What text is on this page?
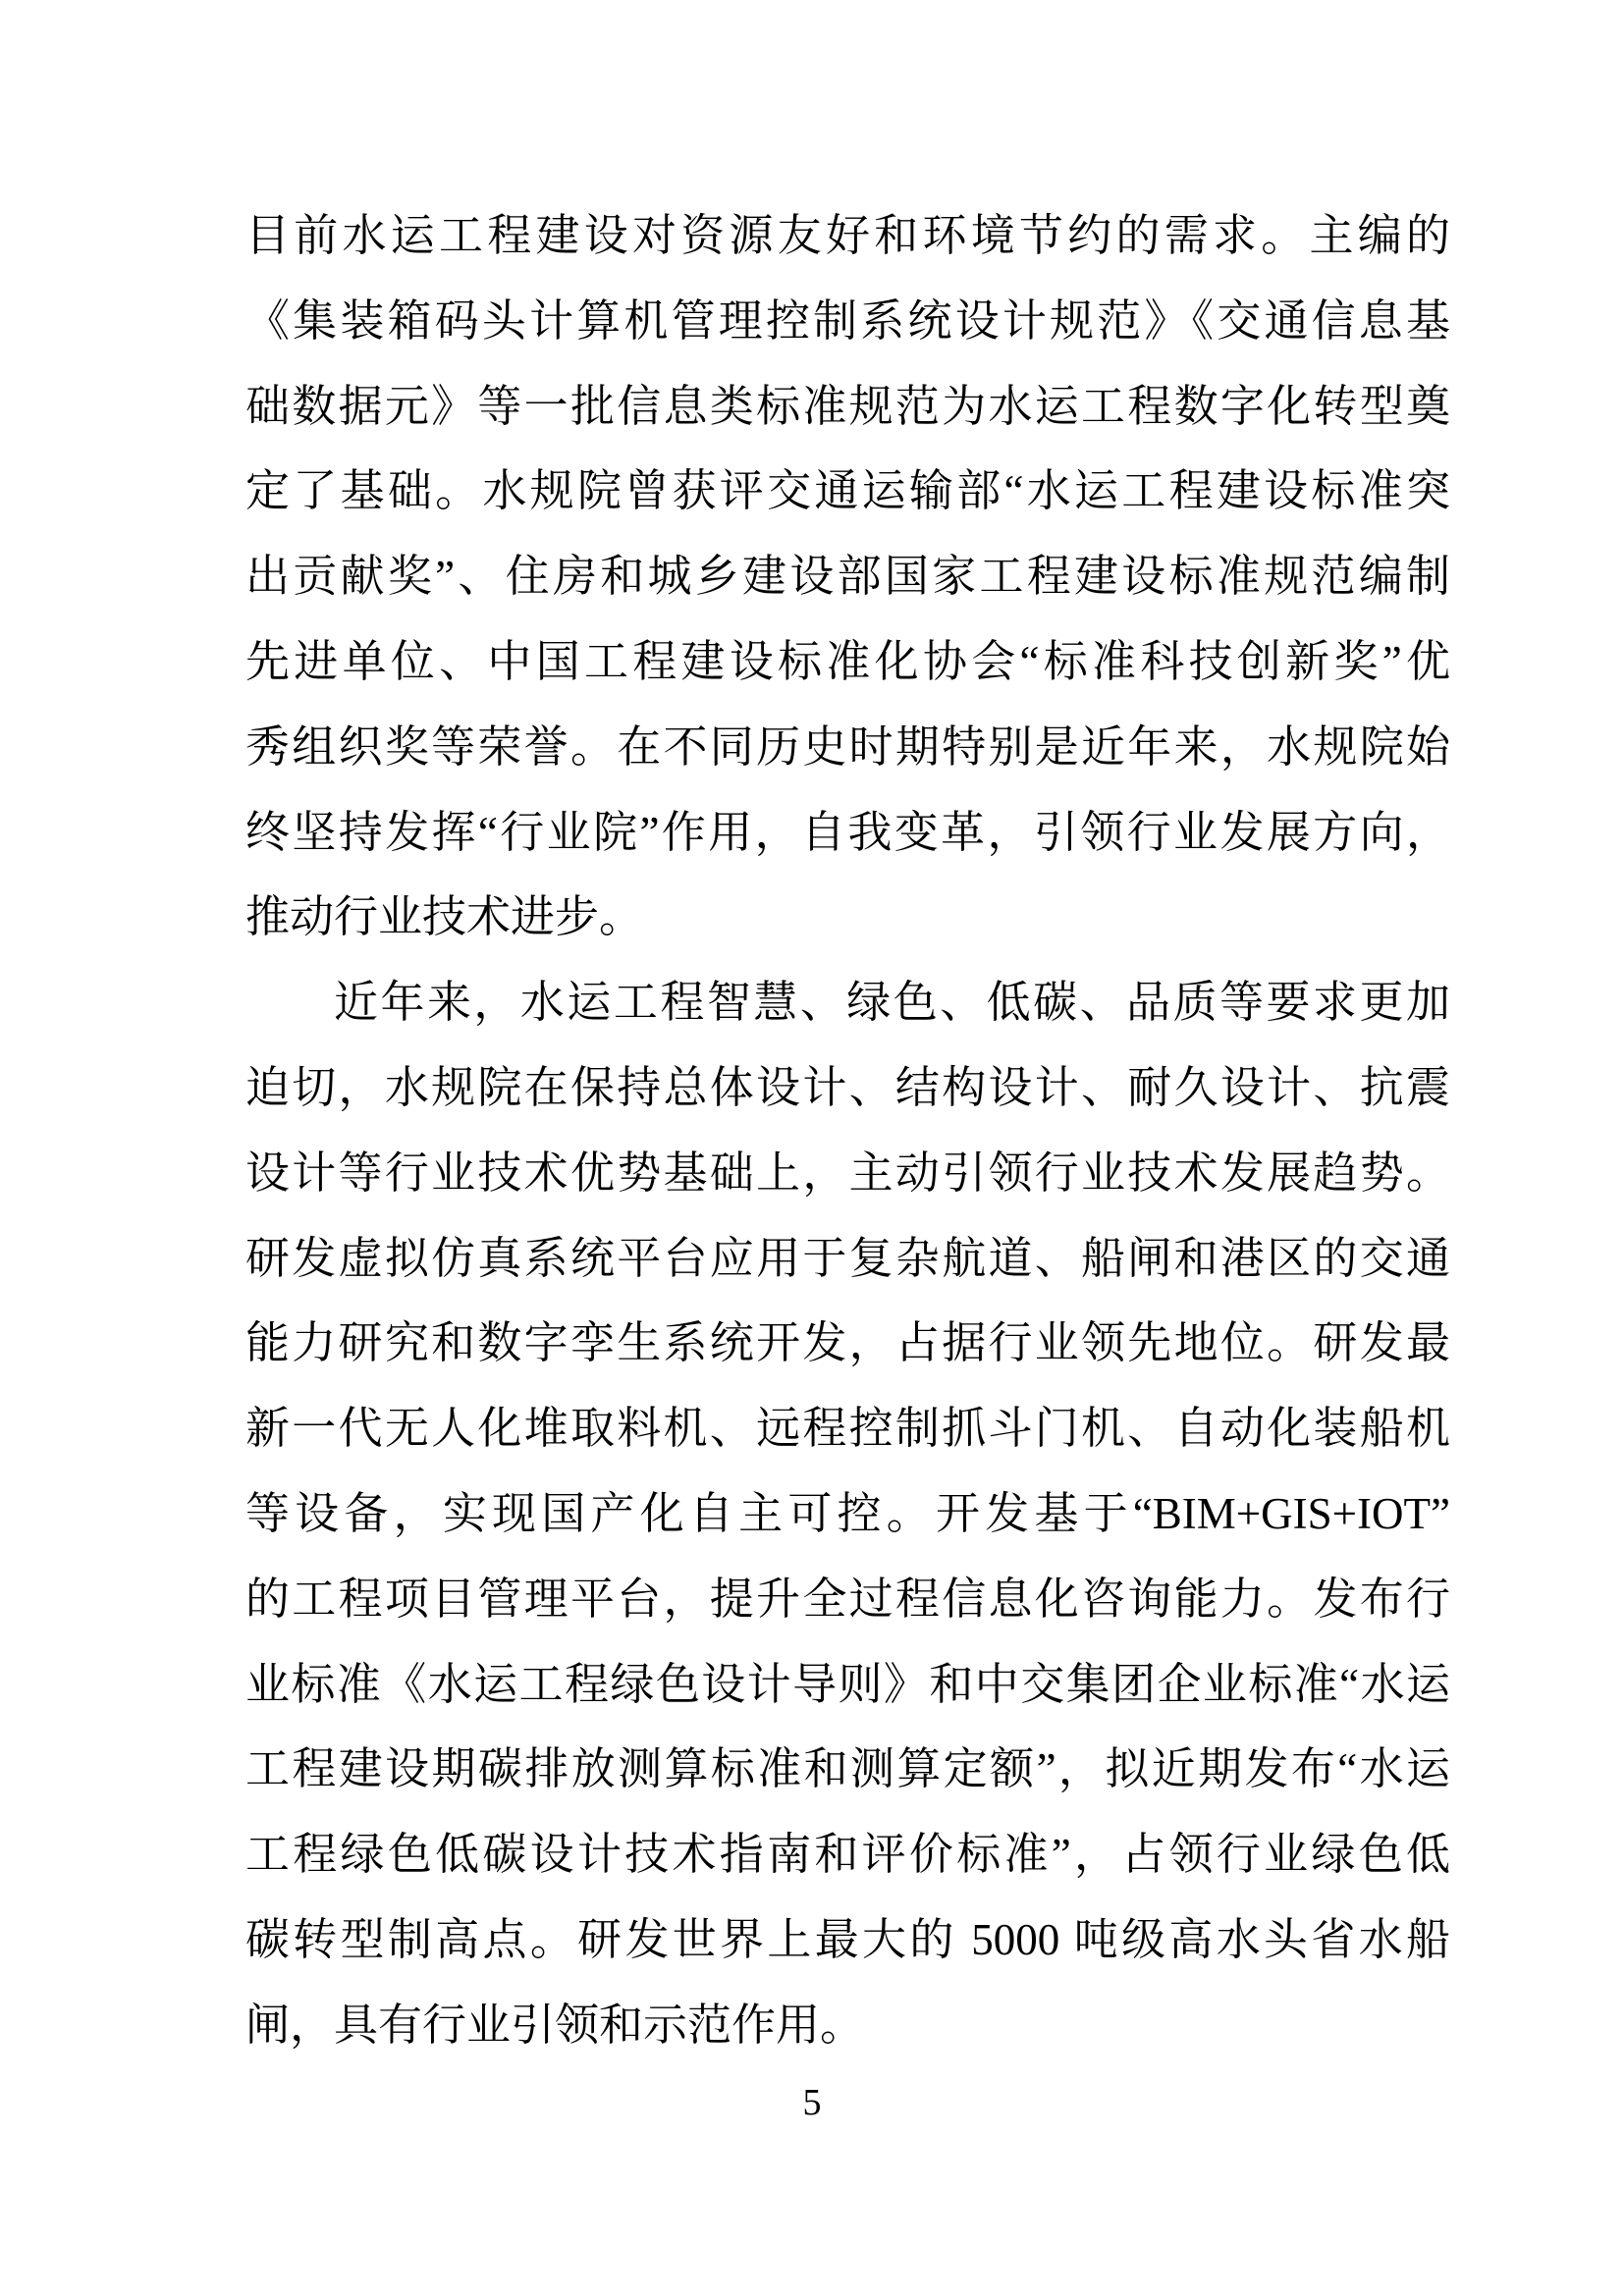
目前水运工程建设对资源友好和环境节约的需求。主编的
《集装箱码头计算机管理控制系统设计规范》《交通信息基
础数据元》等一批信息类标准规范为水运工程数字化转型奠
定了基础。水规院曾获评交通运输部“水运工程建设标准突
出贡献奖”、住房和城乡建设部国家工程建设标准规范编制
先进单位、中国工程建设标准化协会“标准科技创新奖”优
秀组织奖等荣誉。在不同历史时期特别是近年来，水规院始
终坚持发挥“行业院”作用，自我变革，引领行业发展方向，
推动行业技术进步。
近年来，水运工程智慧、绿色、低碳、品质等要求更加
迫切，水规院在保持总体设计、结构设计、耐久设计、抗震
设计等行业技术优势基础上，主动引领行业技术发展趋势。
研发虚拟仿真系统平台应用于复杂航道、船闸和港区的交通
能力研究和数字孪生系统开发，占据行业领先地位。研发最
新一代无人化堆取料机、远程控制抓斗门机、自动化装船机
等设备，实现国产化自主可控。开发基于“BIM+GIS+IOT”
的工程项目管理平台，提升全过程信息化咨询能力。发布行
业标准《水运工程绿色设计导则》和中交集团企业标准“水运
工程建设期碳排放测算标准和测算定额”，拟近期发布“水运
工程绿色低碳设计技术指南和评价标准”，占领行业绿色低
碳转型制高点。研发世界上最大的 5000 吨级高水头省水船
闸，具有行业引领和示范作用。
5
